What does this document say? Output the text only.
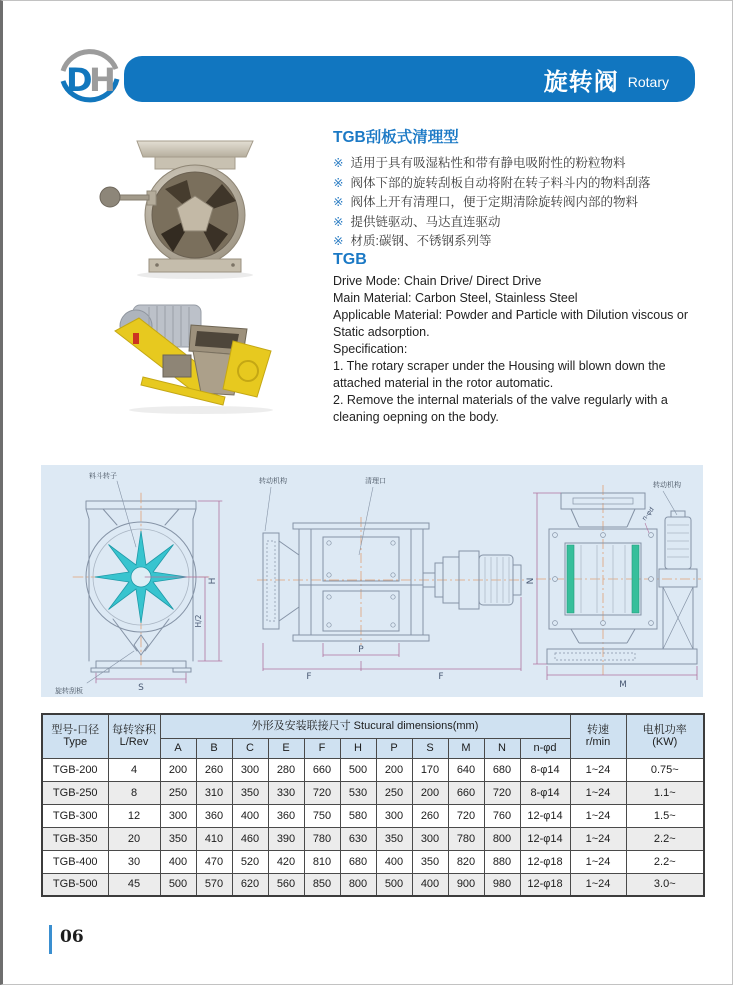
D
H	旋转阀 Rotary
TGB刮板式清理型
※ 适用于具有吸湿粘性和带有静电吸附性的粉粒物料
※ 阀体下部的旋转刮板自动将附在转子料斗内的物料刮落
※ 阀体上开有清理口，便于定期清除旋转阀内部的物料
※ 提供链驱动、马达直连驱动
※ 材质:碳钢、不锈钢系列等
TGB
Drive Mode: Chain Drive/ Direct Drive
Main Material: Carbon Steel, Stainless Steel
Applicable Material: Powder and Particle with Dilution viscous or Static adsorption.
Specification:
1. The rotary scraper under the Housing will blown down the attached material in the rotor automatic.
2. Remove the internal materials of the valve regularly with a cleaning oepning on the body.
H
H/2
S
料斗转子
旋转刮板
转动机构	清理口
P
F	F
N
M
n-φd
转动机构
型号-口径
Type

每转容积
L/Rev
	外形及安装联接尺寸 Stucural dimensions(mm)	转速
r/min

电机功率
(KW)

		A	B	C	E	F	H	P	S	M	N	n-φd		
TGB-200	4	200	260	300	280	660	500	200	170	640	680	8-φ14	1~24	0.75~
TGB-250	8	250	310	350	330	720	530	250	200	660	720	8-φ14	1~24	1.1~
TGB-300	12	300	360	400	360	750	580	300	260	720	760	12-φ14	1~24	1.5~
TGB-350	20	350	410	460	390	780	630	350	300	780	800	12-φ14	1~24	2.2~
TGB-400	30	400	470	520	420	810	680	400	350	820	880	12-φ18	1~24	2.2~
TGB-500	45	500	570	620	560	850	800	500	400	900	980	12-φ18	1~24	3.0~
06
